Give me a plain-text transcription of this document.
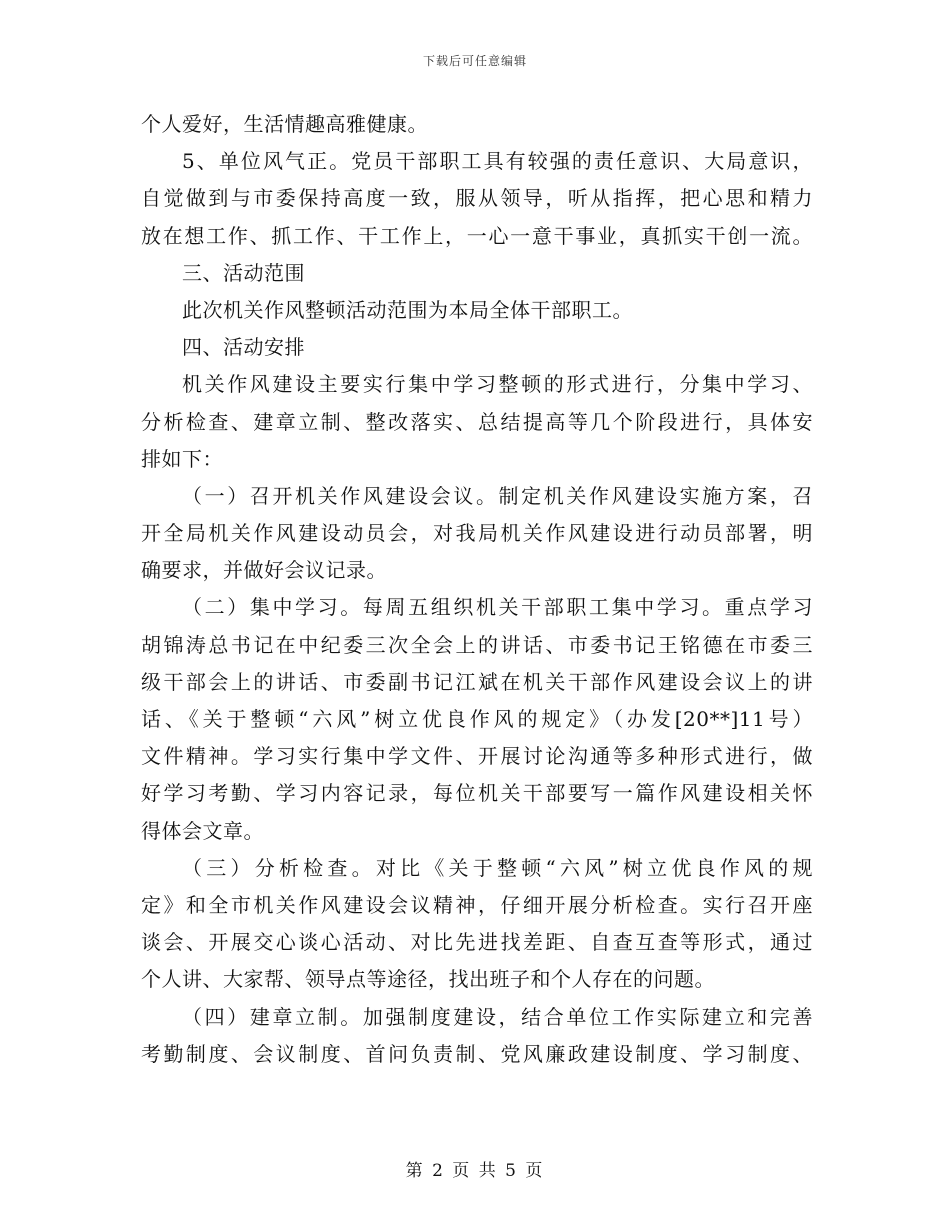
下载后可任意编辑
个人爱好，生活情趣高雅健康。
5、单位风气正。党员干部职工具有较强的责任意识、大局意识，
自觉做到与市委保持高度一致，服从领导，听从指挥，把心思和精力
放在想工作、抓工作、干工作上，一心一意干事业，真抓实干创一流。
三、活动范围
此次机关作风整顿活动范围为本局全体干部职工。
四、活动安排
机关作风建设主要实行集中学习整顿的形式进行，分集中学习、
分析检查、建章立制、整改落实、总结提高等几个阶段进行，具体安
排如下：
（一）召开机关作风建设会议。制定机关作风建设实施方案，召
开全局机关作风建设动员会，对我局机关作风建设进行动员部署，明
确要求，并做好会议记录。
（二）集中学习。每周五组织机关干部职工集中学习。重点学习
胡锦涛总书记在中纪委三次全会上的讲话、市委书记王铭德在市委三
级干部会上的讲话、市委副书记江斌在机关干部作风建设会议上的讲
话、《关于整顿“六风”树立优良作风的规定》（办发[20**]11号）
文件精神。学习实行集中学文件、开展讨论沟通等多种形式进行，做
好学习考勤、学习内容记录，每位机关干部要写一篇作风建设相关怀
得体会文章。
（三）分析检查。对比《关于整顿“六风”树立优良作风的规
定》和全市机关作风建设会议精神，仔细开展分析检查。实行召开座
谈会、开展交心谈心活动、对比先进找差距、自查互查等形式，通过
个人讲、大家帮、领导点等途径，找出班子和个人存在的问题。
（四）建章立制。加强制度建设，结合单位工作实际建立和完善
考勤制度、会议制度、首问负责制、党风廉政建设制度、学习制度、
第 2 页 共 5 页
